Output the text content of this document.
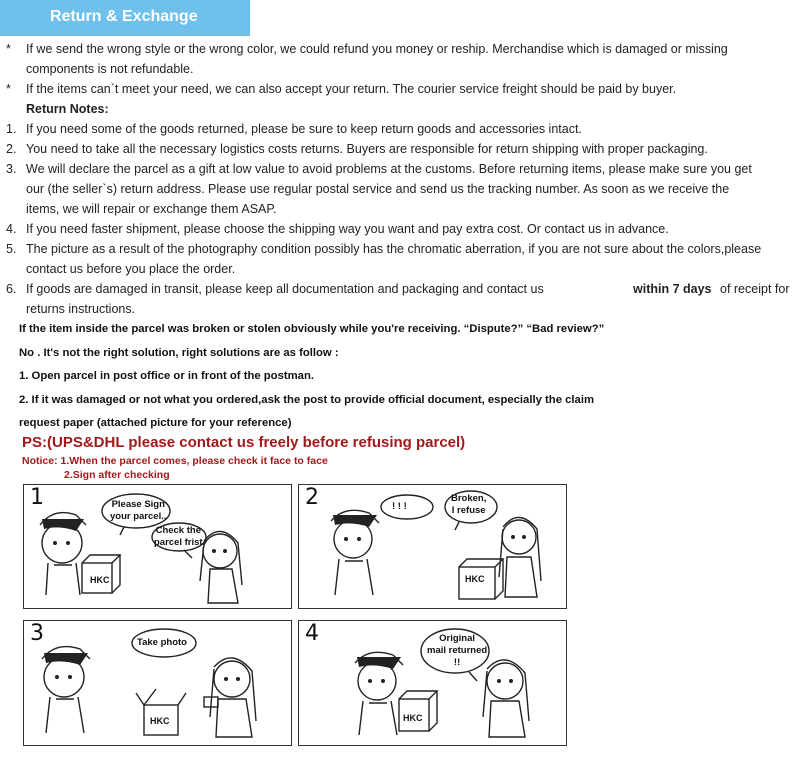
Return & Exchange
* If we send the wrong style or the wrong color, we could refund you money or reship. Merchandise which is damaged or missing
components is not refundable.
* If the items can`t meet your need, we can also accept your return. The courier service freight should be paid by buyer.
Return Notes:
1. If you need some of the goods returned, please be sure to keep return goods and accessories intact.
2. You need to take all the necessary logistics costs returns. Buyers are responsible for return shipping with proper packaging.
3. We will declare the parcel as a gift at low value to avoid problems at the customs. Before returning items, please make sure you get
our (the seller`s) return address. Please use regular postal service and send us the tracking number. As soon as we receive the
items, we will repair or exchange them ASAP.
4. If you need faster shipment, please choose the shipping way you want and pay extra cost. Or contact us in advance.
5. The picture as a result of the photography condition possibly has the chromatic aberration, if you are not sure about the colors,please
contact us before you place the order.
6. If goods are damaged in transit, please keep all documentation and packaging and contact us	within 7 days of receipt for
returns instructions.
If the item inside the parcel was broken or stolen obviously while you're receiving. “Dispute?” “Bad review?”
No . It's not the right solution, right solutions are as follow :
1. Open parcel in post office or in front of the postman.
2. If it was damaged or not what you ordered,ask the post to provide official document, especially the claim
request paper (attached picture for your reference)
PS:(UPS&DHL please contact us freely before refusing parcel)
Notice: 1.When the parcel comes, please check it face to face
2.Sign after checking
1	Please Sign
your parcel..
Check the
parcel frist
HKC
2	! ! !
Broken,
I refuse
HKC
3	Take photo
HKC
4	Original
mail returned
!!
HKC
